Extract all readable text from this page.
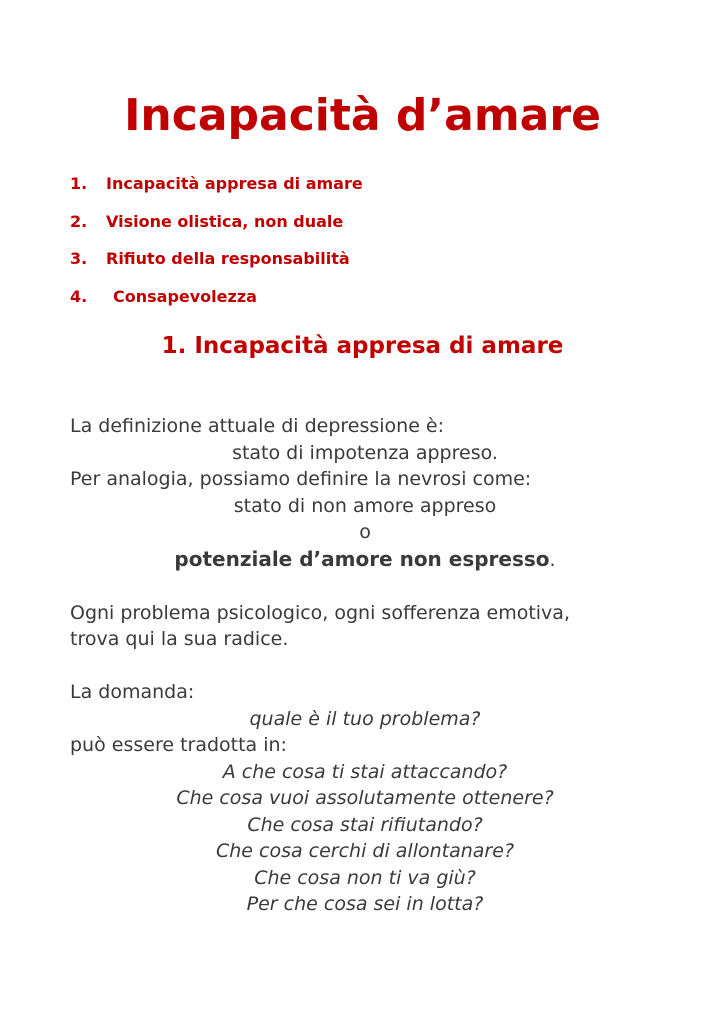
Incapacità d’amare
1. Incapacità appresa di amare
2. Visione olistica, non duale
3. Rifiuto della responsabilità
4. Consapevolezza
1. Incapacità appresa di amare
La definizione attuale di depressione è:
stato di impotenza appreso.
Per analogia, possiamo definire la nevrosi come:
stato di non amore appreso
o
potenziale d’amore non espresso.
Ogni problema psicologico, ogni sofferenza emotiva,
trova qui la sua radice.
La domanda:
quale è il tuo problema?
può essere tradotta in:
A che cosa ti stai attaccando?
Che cosa vuoi assolutamente ottenere?
Che cosa stai rifiutando?
Che cosa cerchi di allontanare?
Che cosa non ti va giù?
Per che cosa sei in lotta?
